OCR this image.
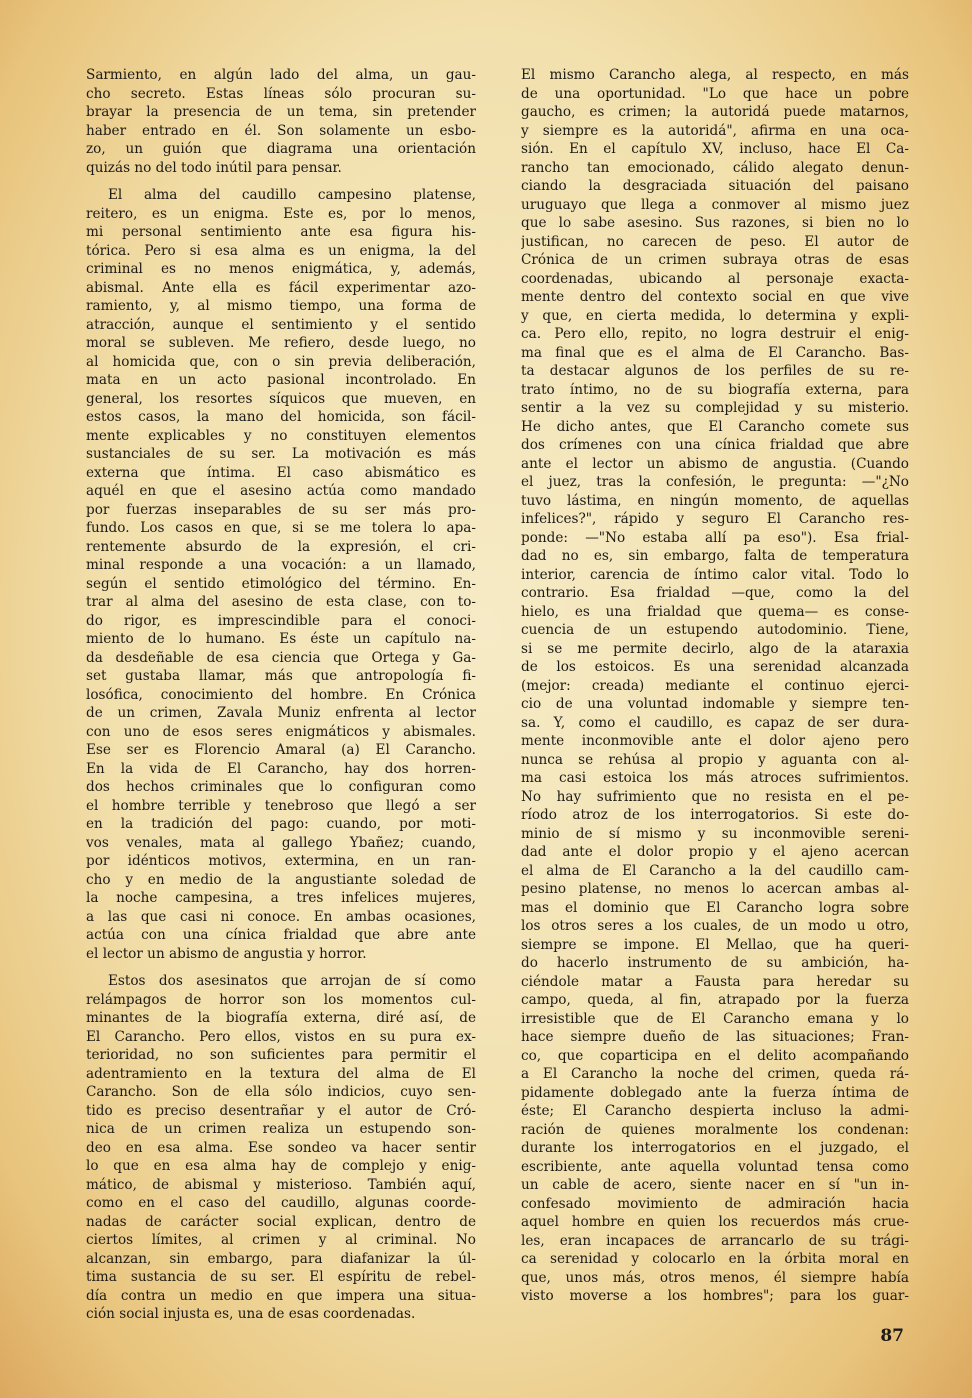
Sarmiento, en algún lado del alma, un gau-
cho secreto. Estas líneas sólo procuran su-
brayar la presencia de un tema, sin pretender
haber entrado en él. Son solamente un esbo-
zo, un guión que diagrama una orientación
quizás no del todo inútil para pensar.
El alma del caudillo campesino platense,
reitero, es un enigma. Este es, por lo menos,
mi personal sentimiento ante esa figura his-
tórica. Pero si esa alma es un enigma, la del
criminal es no menos enigmática, y, además,
abismal. Ante ella es fácil experimentar azo-
ramiento, y, al mismo tiempo, una forma de
atracción, aunque el sentimiento y el sentido
moral se subleven. Me refiero, desde luego, no
al homicida que, con o sin previa deliberación,
mata en un acto pasional incontrolado. En
general, los resortes síquicos que mueven, en
estos casos, la mano del homicida, son fácil-
mente explicables y no constituyen elementos
sustanciales de su ser. La motivación es más
externa que íntima. El caso abismático es
aquél en que el asesino actúa como mandado
por fuerzas inseparables de su ser más pro-
fundo. Los casos en que, si se me tolera lo apa-
rentemente absurdo de la expresión, el cri-
minal responde a una vocación: a un llamado,
según el sentido etimológico del término. En-
trar al alma del asesino de esta clase, con to-
do rigor, es imprescindible para el conoci-
miento de lo humano. Es éste un capítulo na-
da desdeñable de esa ciencia que Ortega y Ga-
set gustaba llamar, más que antropología fi-
losófica, conocimiento del hombre. En Crónica
de un crimen, Zavala Muniz enfrenta al lector
con uno de esos seres enigmáticos y abismales.
Ese ser es Florencio Amaral (a) El Carancho.
En la vida de El Carancho, hay dos horren-
dos hechos criminales que lo configuran como
el hombre terrible y tenebroso que llegó a ser
en la tradición del pago: cuando, por moti-
vos venales, mata al gallego Ybañez; cuando,
por idénticos motivos, extermina, en un ran-
cho y en medio de la angustiante soledad de
la noche campesina, a tres infelices mujeres,
a las que casi ni conoce. En ambas ocasiones,
actúa con una cínica frialdad que abre ante
el lector un abismo de angustia y horror.
Estos dos asesinatos que arrojan de sí como
relámpagos de horror son los momentos cul-
minantes de la biografía externa, diré así, de
El Carancho. Pero ellos, vistos en su pura ex-
terioridad, no son suficientes para permitir el
adentramiento en la textura del alma de El
Carancho. Son de ella sólo indicios, cuyo sen-
tido es preciso desentrañar y el autor de Cró-
nica de un crimen realiza un estupendo son-
deo en esa alma. Ese sondeo va hacer sentir
lo que en esa alma hay de complejo y enig-
mático, de abismal y misterioso. También aquí,
como en el caso del caudillo, algunas coorde-
nadas de carácter social explican, dentro de
ciertos límites, al crimen y al criminal. No
alcanzan, sin embargo, para diafanizar la úl-
tima sustancia de su ser. El espíritu de rebel-
día contra un medio en que impera una situa-
ción social injusta es, una de esas coordenadas.
El mismo Carancho alega, al respecto, en más
de una oportunidad. "Lo que hace un pobre
gaucho, es crimen; la autoridá puede matarnos,
y siempre es la autoridá", afirma en una oca-
sión. En el capítulo XV, incluso, hace El Ca-
rancho tan emocionado, cálido alegato denun-
ciando la desgraciada situación del paisano
uruguayo que llega a conmover al mismo juez
que lo sabe asesino. Sus razones, si bien no lo
justifican, no carecen de peso. El autor de
Crónica de un crimen subraya otras de esas
coordenadas, ubicando al personaje exacta-
mente dentro del contexto social en que vive
y que, en cierta medida, lo determina y expli-
ca. Pero ello, repito, no logra destruir el enig-
ma final que es el alma de El Carancho. Bas-
ta destacar algunos de los perfiles de su re-
trato íntimo, no de su biografía externa, para
sentir a la vez su complejidad y su misterio.
He dicho antes, que El Carancho comete sus
dos crímenes con una cínica frialdad que abre
ante el lector un abismo de angustia. (Cuando
el juez, tras la confesión, le pregunta: —"¿No
tuvo lástima, en ningún momento, de aquellas
infelices?", rápido y seguro El Carancho res-
ponde: —"No estaba allí pa eso"). Esa frial-
dad no es, sin embargo, falta de temperatura
interior, carencia de íntimo calor vital. Todo lo
contrario. Esa frialdad —que, como la del
hielo, es una frialdad que quema— es conse-
cuencia de un estupendo autodominio. Tiene,
si se me permite decirlo, algo de la ataraxia
de los estoicos. Es una serenidad alcanzada
(mejor: creada) mediante el continuo ejerci-
cio de una voluntad indomable y siempre ten-
sa. Y, como el caudillo, es capaz de ser dura-
mente inconmovible ante el dolor ajeno pero
nunca se rehúsa al propio y aguanta con al-
ma casi estoica los más atroces sufrimientos.
No hay sufrimiento que no resista en el pe-
ríodo atroz de los interrogatorios. Si este do-
minio de sí mismo y su inconmovible sereni-
dad ante el dolor propio y el ajeno acercan
el alma de El Carancho a la del caudillo cam-
pesino platense, no menos lo acercan ambas al-
mas el dominio que El Carancho logra sobre
los otros seres a los cuales, de un modo u otro,
siempre se impone. El Mellao, que ha queri-
do hacerlo instrumento de su ambición, ha-
ciéndole matar a Fausta para heredar su
campo, queda, al fin, atrapado por la fuerza
irresistible que de El Carancho emana y lo
hace siempre dueño de las situaciones; Fran-
co, que coparticipa en el delito acompañando
a El Carancho la noche del crimen, queda rá-
pidamente doblegado ante la fuerza íntima de
éste; El Carancho despierta incluso la admi-
ración de quienes moralmente los condenan:
durante los interrogatorios en el juzgado, el
escribiente, ante aquella voluntad tensa como
un cable de acero, siente nacer en sí "un in-
confesado movimiento de admiración hacia
aquel hombre en quien los recuerdos más crue-
les, eran incapaces de arrancarlo de su trági-
ca serenidad y colocarlo en la órbita moral en
que, unos más, otros menos, él siempre había
visto moverse a los hombres"; para los guar-
87
